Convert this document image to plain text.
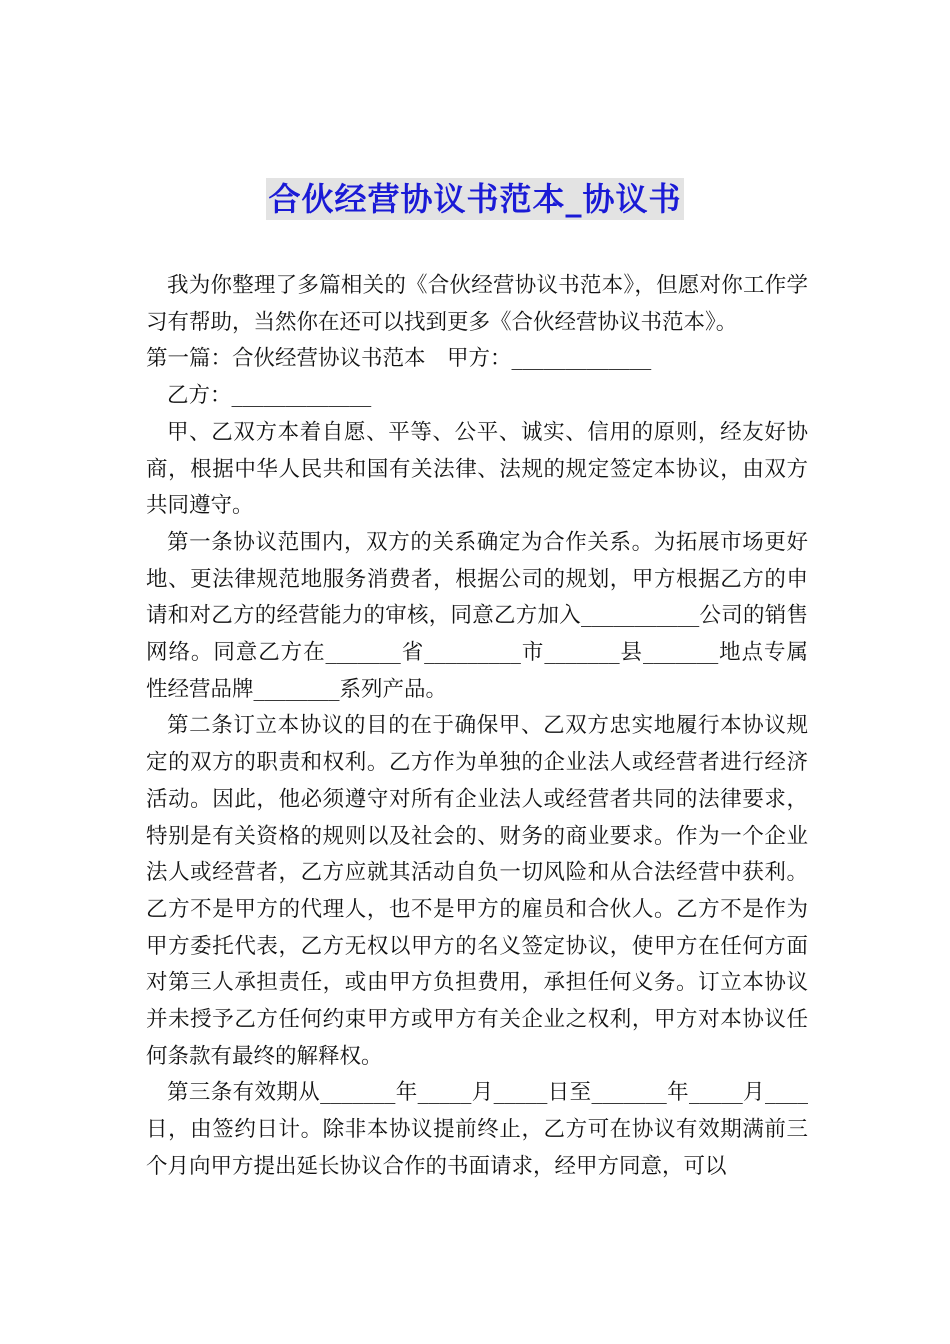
合伙经营协议书范本_协议书

我为你整理了多篇相关的《合伙经营协议书范本》，但愿对你工作学习有帮助，当然你在还可以找到更多《合伙经营协议书范本》。

第一篇：合伙经营协议书范本　甲方：_____________

乙方：_____________

甲、乙双方本着自愿、平等、公平、诚实、信用的原则，经友好协商，根据中华人民共和国有关法律、法规的规定签定本协议，由双方共同遵守。

第一条协议范围内，双方的关系确定为合作关系。为拓展市场更好地、更法律规范地服务消费者，根据公司的规划，甲方根据乙方的申请和对乙方的经营能力的审核，同意乙方加入___________公司的销售网络。同意乙方在_______省_________市_______县_______地点专属性经营品牌________系列产品。

第二条订立本协议的目的在于确保甲、乙双方忠实地履行本协议规定的双方的职责和权利。乙方作为单独的企业法人或经营者进行经济活动。因此，他必须遵守对所有企业法人或经营者共同的法律要求，特别是有关资格的规则以及社会的、财务的商业要求。作为一个企业法人或经营者，乙方应就其活动自负一切风险和从合法经营中获利。乙方不是甲方的代理人，也不是甲方的雇员和合伙人。乙方不是作为甲方委托代表，乙方无权以甲方的名义签定协议，使甲方在任何方面对第三人承担责任，或由甲方负担费用，承担任何义务。订立本协议并未授予乙方任何约束甲方或甲方有关企业之权利，甲方对本协议任何条款有最终的解释权。

第三条有效期从_______年_____月_____日至_______年_____月____日，由签约日计。除非本协议提前终止，乙方可在协议有效期满前三个月向甲方提出延长协议合作的书面请求，经甲方同意，可以
